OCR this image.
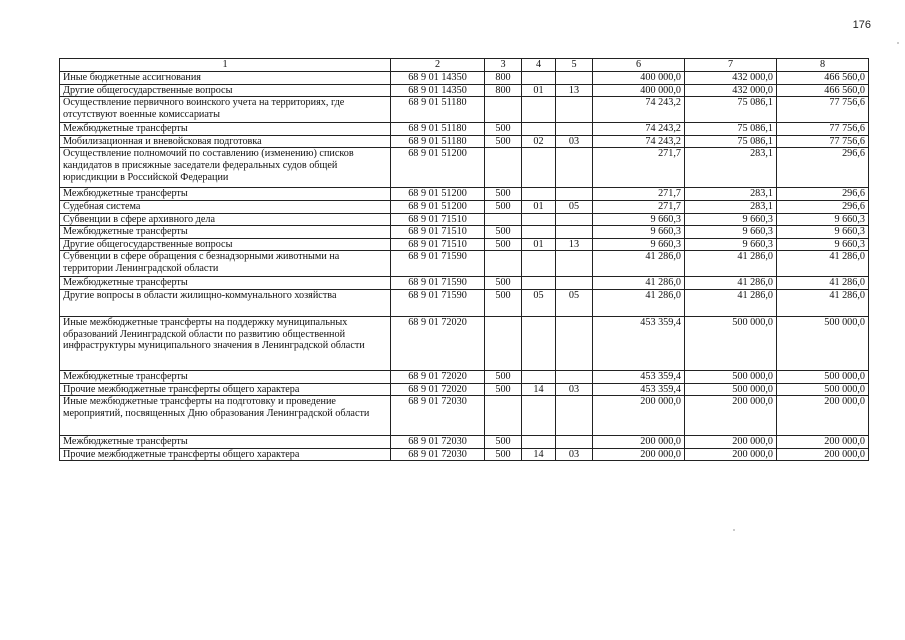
176
1	2	3	4	5	6	7	8
Иные бюджетные ассигнования	68 9 01 14350	800			400 000,0	432 000,0	466 560,0
Другие общегосударственные вопросы	68 9 01 14350	800	01	13	400 000,0	432 000,0	466 560,0
Осуществление первичного воинского учета на территориях, где отсутствуют военные комиссариаты	68 9 01 51180				74 243,2	75 086,1	77 756,6
Межбюджетные трансферты	68 9 01 51180	500			74 243,2	75 086,1	77 756,6
Мобилизационная и вневойсковая подготовка	68 9 01 51180	500	02	03	74 243,2	75 086,1	77 756,6
Осуществление полномочий по составлению (изменению) списков кандидатов в присяжные заседатели федеральных судов общей юрисдикции в Российской Федерации	68 9 01 51200				271,7	283,1	296,6
Межбюджетные трансферты	68 9 01 51200	500			271,7	283,1	296,6
Судебная система	68 9 01 51200	500	01	05	271,7	283,1	296,6
Субвенции в сфере архивного дела	68 9 01 71510				9 660,3	9 660,3	9 660,3
Межбюджетные трансферты	68 9 01 71510	500			9 660,3	9 660,3	9 660,3
Другие общегосударственные вопросы	68 9 01 71510	500	01	13	9 660,3	9 660,3	9 660,3
Субвенции в сфере обращения с безнадзорными животными на территории Ленинградской области	68 9 01 71590				41 286,0	41 286,0	41 286,0
Межбюджетные трансферты	68 9 01 71590	500			41 286,0	41 286,0	41 286,0
Другие вопросы в области жилищно-коммунального хозяйства	68 9 01 71590	500	05	05	41 286,0	41 286,0	41 286,0
Иные межбюджетные трансферты на поддержку муниципальных образований Ленинградской области по развитию общественной инфраструктуры муниципального значения в Ленинградской области	68 9 01 72020				453 359,4	500 000,0	500 000,0
Межбюджетные трансферты	68 9 01 72020	500			453 359,4	500 000,0	500 000,0
Прочие межбюджетные трансферты общего характера	68 9 01 72020	500	14	03	453 359,4	500 000,0	500 000,0
Иные межбюджетные трансферты на подготовку и проведение мероприятий, посвященных Дню образования Ленинградской области	68 9 01 72030				200 000,0	200 000,0	200 000,0
Межбюджетные трансферты	68 9 01 72030	500			200 000,0	200 000,0	200 000,0
Прочие межбюджетные трансферты общего характера	68 9 01 72030	500	14	03	200 000,0	200 000,0	200 000,0
